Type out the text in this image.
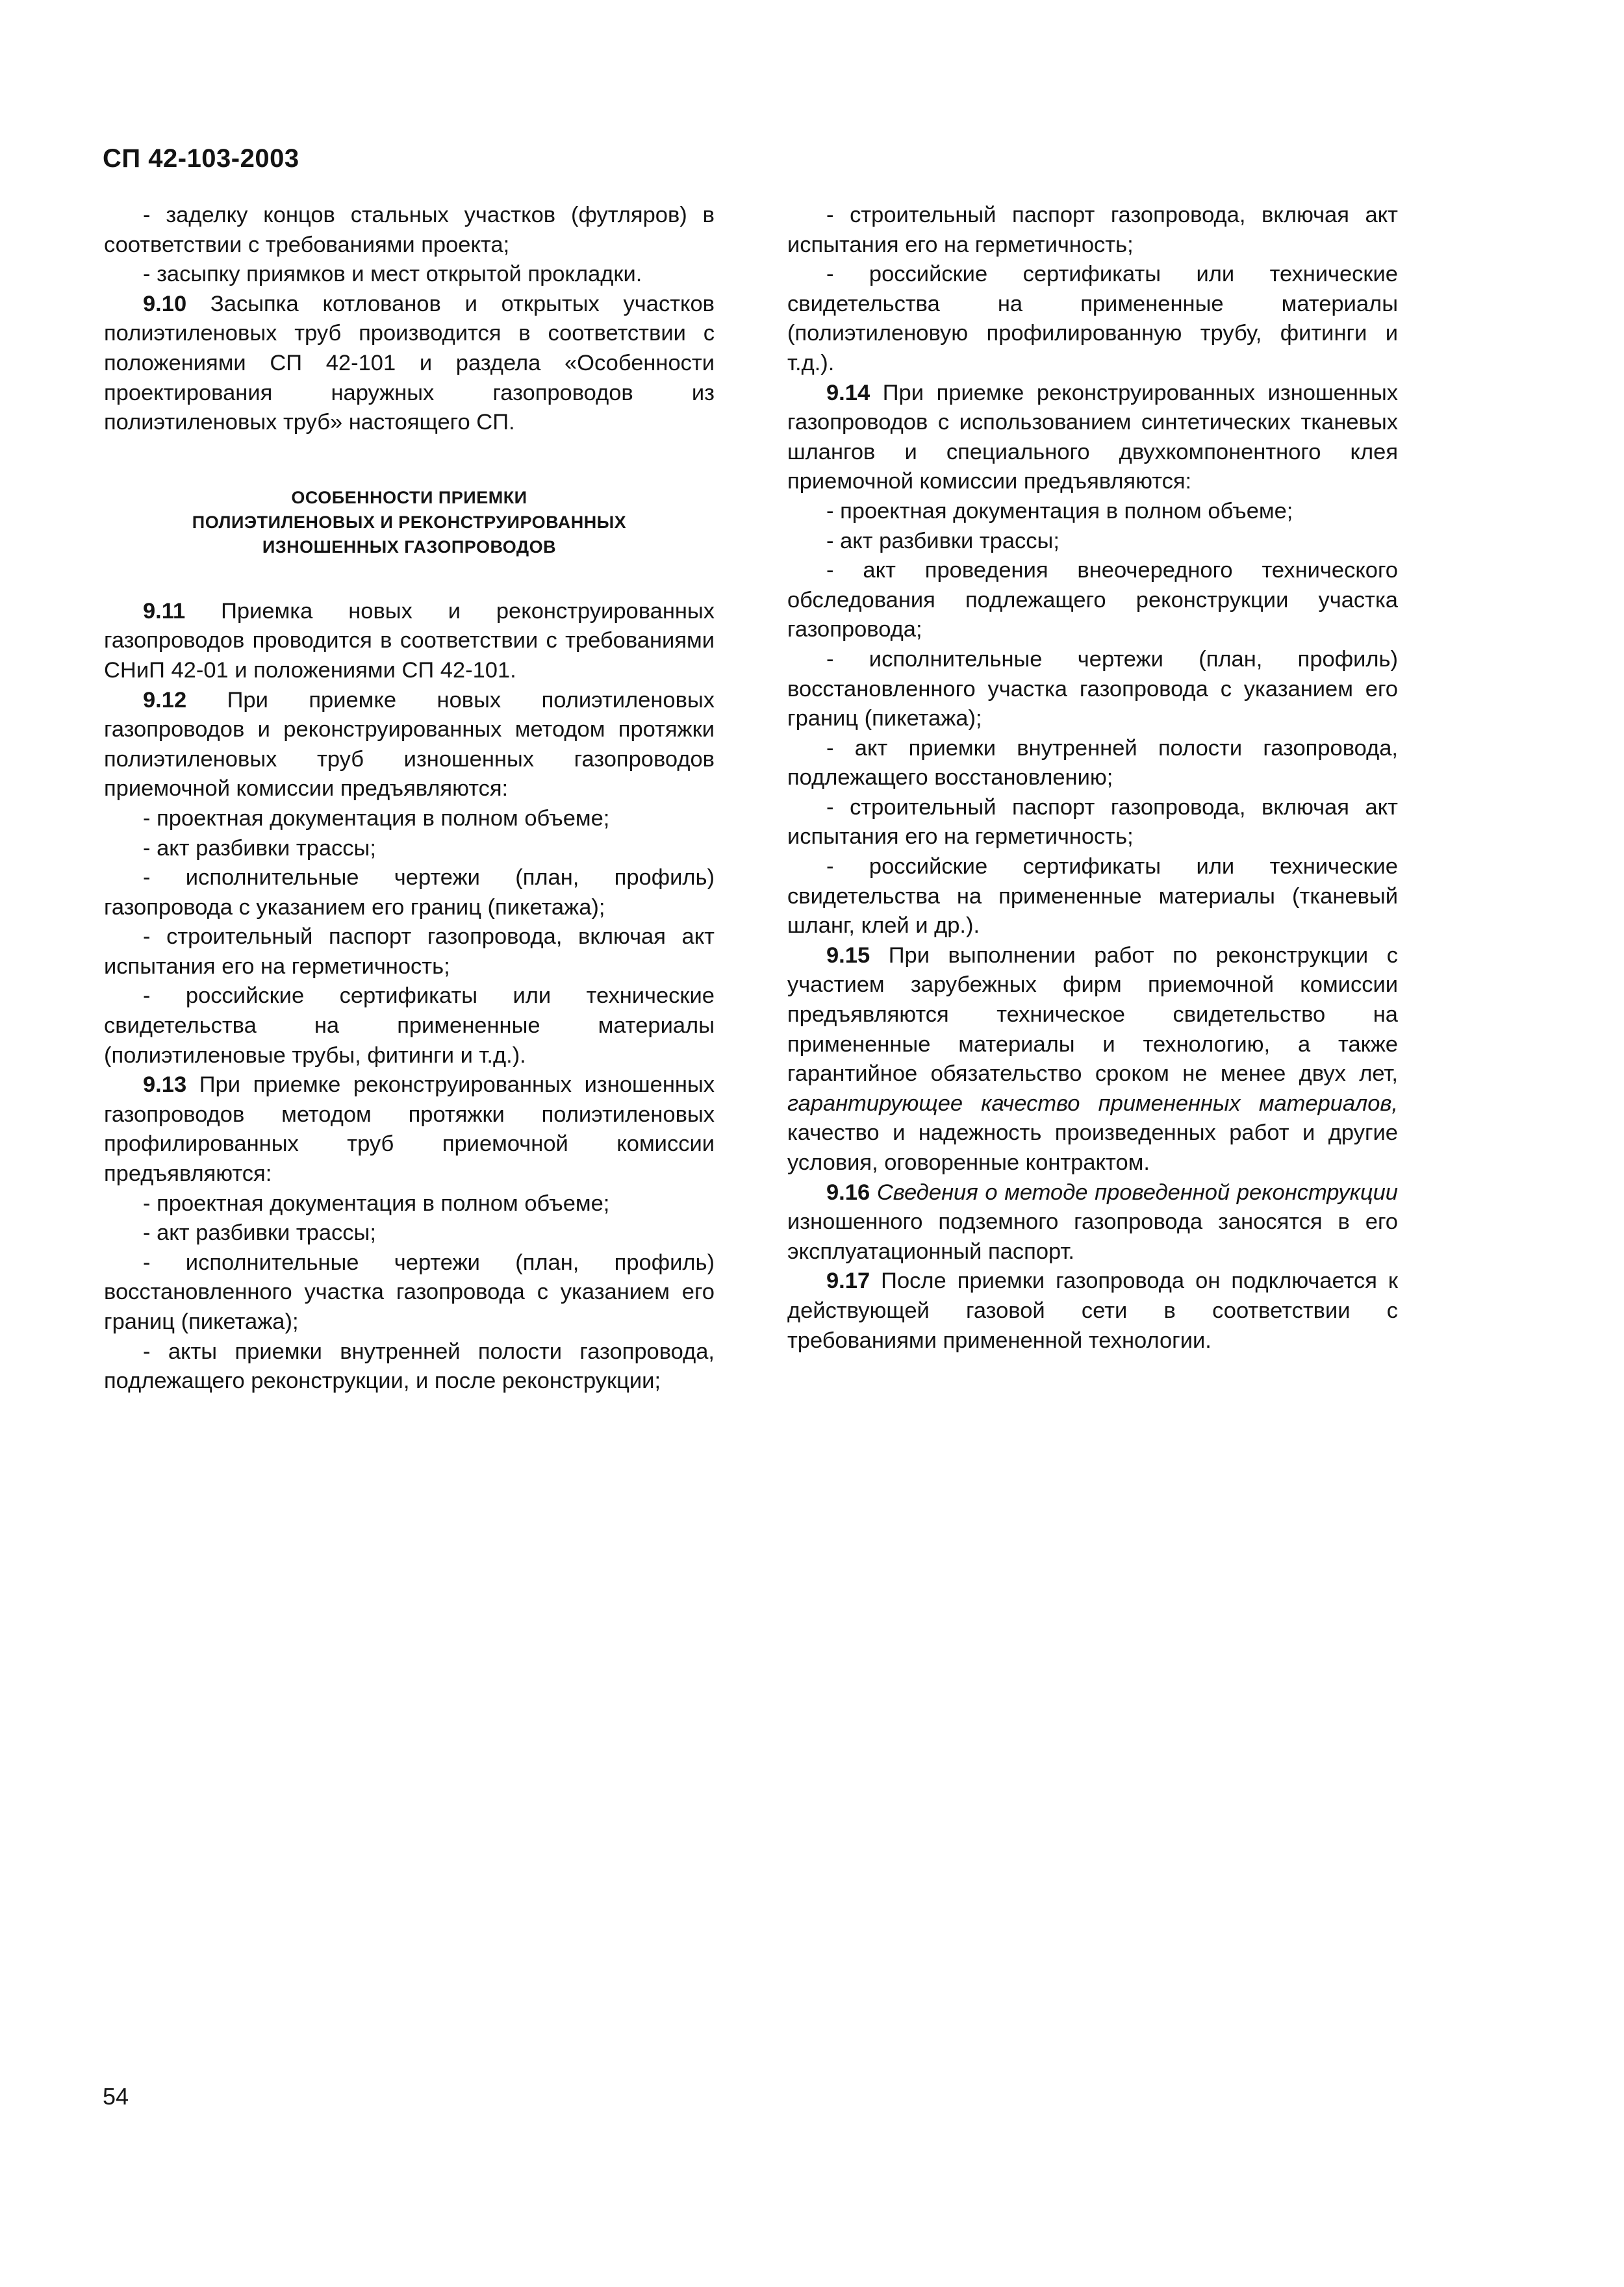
СП 42-103-2003

- заделку концов стальных участков (футляров) в соответствии с требованиями проекта;

- засыпку приямков и мест открытой прокладки.

9.10 Засыпка котлованов и открытых участков полиэтиленовых труб производится в соответствии с положениями СП 42-101 и раздела «Особенности проектирования наружных газопроводов из полиэтиленовых труб» настоящего СП.

ОСОБЕННОСТИ ПРИЕМКИ
ПОЛИЭТИЛЕНОВЫХ И РЕКОНСТРУИРОВАННЫХ
ИЗНОШЕННЫХ ГАЗОПРОВОДОВ

9.11 Приемка новых и реконструированных газопроводов проводится в соответствии с требованиями СНиП 42-01 и положениями СП 42-101.

9.12 При приемке новых полиэтиленовых газопроводов и реконструированных методом протяжки полиэтиленовых труб изношенных газопроводов приемочной комиссии предъявляются:

- проектная документация в полном объеме;

- акт разбивки трассы;

- исполнительные чертежи (план, профиль) газопровода с указанием его границ (пикетажа);

- строительный паспорт газопровода, включая акт испытания его на герметичность;

- российские сертификаты или технические свидетельства на примененные материалы (полиэтиленовые трубы, фитинги и т.д.).

9.13 При приемке реконструированных изношенных газопроводов методом протяжки полиэтиленовых профилированных труб приемочной комиссии предъявляются:

- проектная документация в полном объеме;

- акт разбивки трассы;

- исполнительные чертежи (план, профиль) восстановленного участка газопровода с указанием его границ (пикетажа);

- акты приемки внутренней полости газопровода, подлежащего реконструкции, и после реконструкции;

- строительный паспорт газопровода, включая акт испытания его на герметичность;

- российские сертификаты или технические свидетельства на примененные материалы (полиэтиленовую профилированную трубу, фитинги и т.д.).

9.14 При приемке реконструированных изношенных газопроводов с использованием синтетических тканевых шлангов и специального двухкомпонентного клея приемочной комиссии предъявляются:

- проектная документация в полном объеме;

- акт разбивки трассы;

- акт проведения внеочередного технического обследования подлежащего реконструкции участка газопровода;

- исполнительные чертежи (план, профиль) восстановленного участка газопровода с указанием его границ (пикетажа);

- акт приемки внутренней полости газопровода, подлежащего восстановлению;

- строительный паспорт газопровода, включая акт испытания его на герметичность;

- российские сертификаты или технические свидетельства на примененные материалы (тканевый шланг, клей и др.).

9.15 При выполнении работ по реконструкции с участием зарубежных фирм приемочной комиссии предъявляются техническое свидетельство на примененные материалы и технологию, а также гарантийное обязательство сроком не менее двух лет, гарантирующее качество примененных материалов, качество и надежность произведенных работ и другие условия, оговоренные контрактом.

9.16 Сведения о методе проведенной реконструкции изношенного подземного газопровода заносятся в его эксплуатационный паспорт.

9.17 После приемки газопровода он подключается к действующей газовой сети в соответствии с требованиями примененной технологии.

54
